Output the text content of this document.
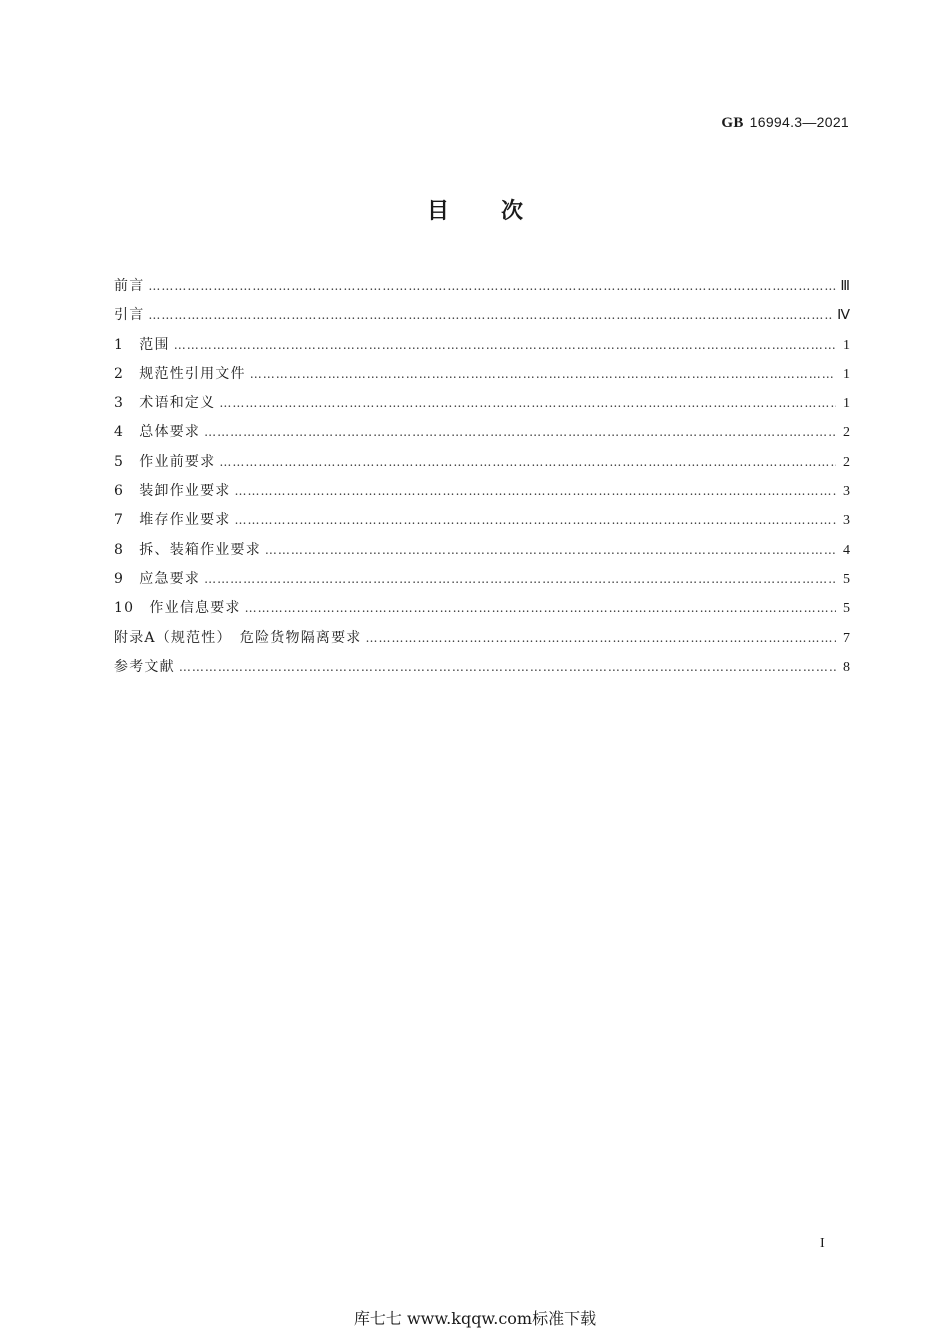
GB 16994.3—2021
目次
前言 ……………………………………………………………………………………………………………………………………………………………………………………………………………………	Ⅲ
引言 ……………………………………………………………………………………………………………………………………………………………………………………………………………………	Ⅳ
1　范围 ……………………………………………………………………………………………………………………………………………………………………………………………………………………	1
2　规范性引用文件 ……………………………………………………………………………………………………………………………………………………………………………………………………………………	1
3　术语和定义 ……………………………………………………………………………………………………………………………………………………………………………………………………………………	1
4　总体要求 ……………………………………………………………………………………………………………………………………………………………………………………………………………………	2
5　作业前要求 ……………………………………………………………………………………………………………………………………………………………………………………………………………………	2
6　装卸作业要求 ……………………………………………………………………………………………………………………………………………………………………………………………………………………	3
7　堆存作业要求 ……………………………………………………………………………………………………………………………………………………………………………………………………………………	3
8　拆、装箱作业要求 ……………………………………………………………………………………………………………………………………………………………………………………………………………………	4
9　应急要求 ……………………………………………………………………………………………………………………………………………………………………………………………………………………	5
10　作业信息要求 ……………………………………………………………………………………………………………………………………………………………………………………………………………………	5
附录A（规范性）　危险货物隔离要求 ……………………………………………………………………………………………………………………………………………………………………………………………………………………	7
参考文献 ……………………………………………………………………………………………………………………………………………………………………………………………………………………	8
I
库七七 www.kqqw.com标准下载
